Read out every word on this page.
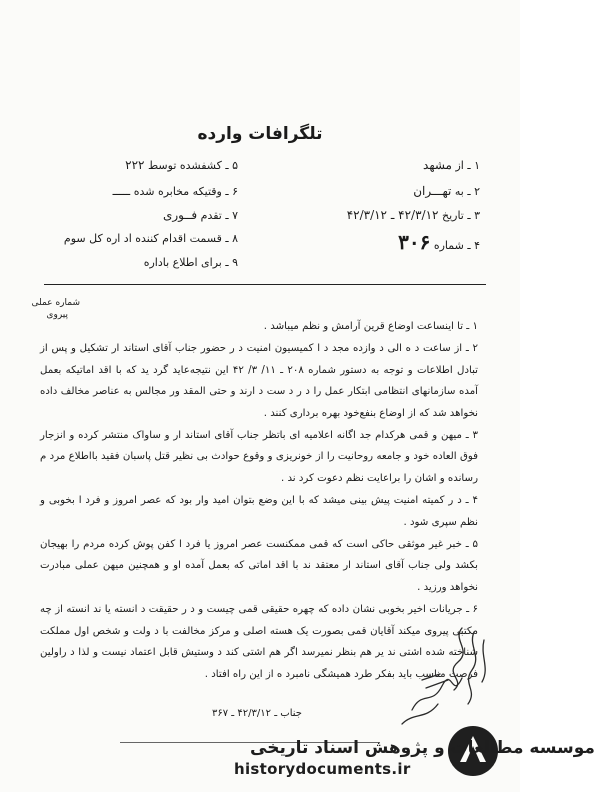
تلگرافات وارده
۱ ـ از مشهد
۲ ـ به تهـــران
۳ ـ تاریخ ۴۲/۳/۱۲ ـ ۴۲/۳/۱۲
۴ ـ شماره ۳۰۶
۵ ـ کشفشده توسط ۲۲۲
۶ ـ وقتیکه مخابره شده ـــــ
۷ ـ تقدم فــوری
۸ ـ قسمت اقدام کننده اد اره کل سوم
۹ ـ برای اطلاع باداره
شماره عملی
پیروی

۱ ـ تا اینساعت اوضاع قرین آرامش و نظم میباشد .

۲ ـ از ساعت د ه الی د وازده مجد د ا کمیسیون امنیت د ر حضور جناب آقای استاند ار تشکیل و پس از تبادل اطلاعات و توجه به دستور شماره ۲۰۸ ـ ۱۱/ ۳/ ۴۲ این نتیجه‌عاید گرد ید که با اقد اماتیکه بعمل آمده سازمانهای انتظامی ابتکار عمل را د ر د ست د ارند و حتی المقد ور مجالس به عناصر مخالف داده نخواهد شد که از اوضاع بنفع‌خود بهره برداری کنند .

۳ ـ میهن و قمی هرکدام جد اگانه اعلامیه ای باتظر جناب آقای استاند ار و ساواک منتشر کرده و انزجار فوق العاده خود و جامعه روحانیت را از خونریزی و وقوع حوادث بی نظیر قتل پاسبان فقید بااطلاع مرد م رسانده و اشان را براعایت نظم دعوت کرد ند .

۴ ـ د ر کمیته امنیت پیش بینی میشد که با این وضع بتوان امید وار بود که عصر امروز و فرد ا بخوبی و نظم سپری شود .

۵ ـ خبر غیر موثقی حاکی است که قمی ممکنست عصر امروز یا فرد ا کفن پوش کرده مردم را بهیجان بکشد ولی جناب آقای استاند ار معتقد ند با اقد اماتی که بعمل آمده او و همچنین میهن عملی مبادرت نخواهد ورزید .

۶ ـ جریانات اخیر بخوبی نشان داده که چهره حقیقی قمی چیست و د ر حقیقت د انسته یا ند انسته از چه مکتبی پیروی میکند آقایان قمی بصورت یک هسته اصلی و مرکز مخالفت با د ولت و شخص اول مملکت شناخته شده اشتی ند یر هم بنظر نمیرسد اگر هم اشتی کند د وستیش قابل اعتماد نیست و لذا د راولین فرصت مناسب باید بفکر طرد همیشگی نامبرد ه از این راه افتاد .

جناب ـ ۴۲/۳/۱۲ ـ ۳۶۷
موسسه مطالعات و پژوهش اسناد تاریخی
historydocuments.ir
